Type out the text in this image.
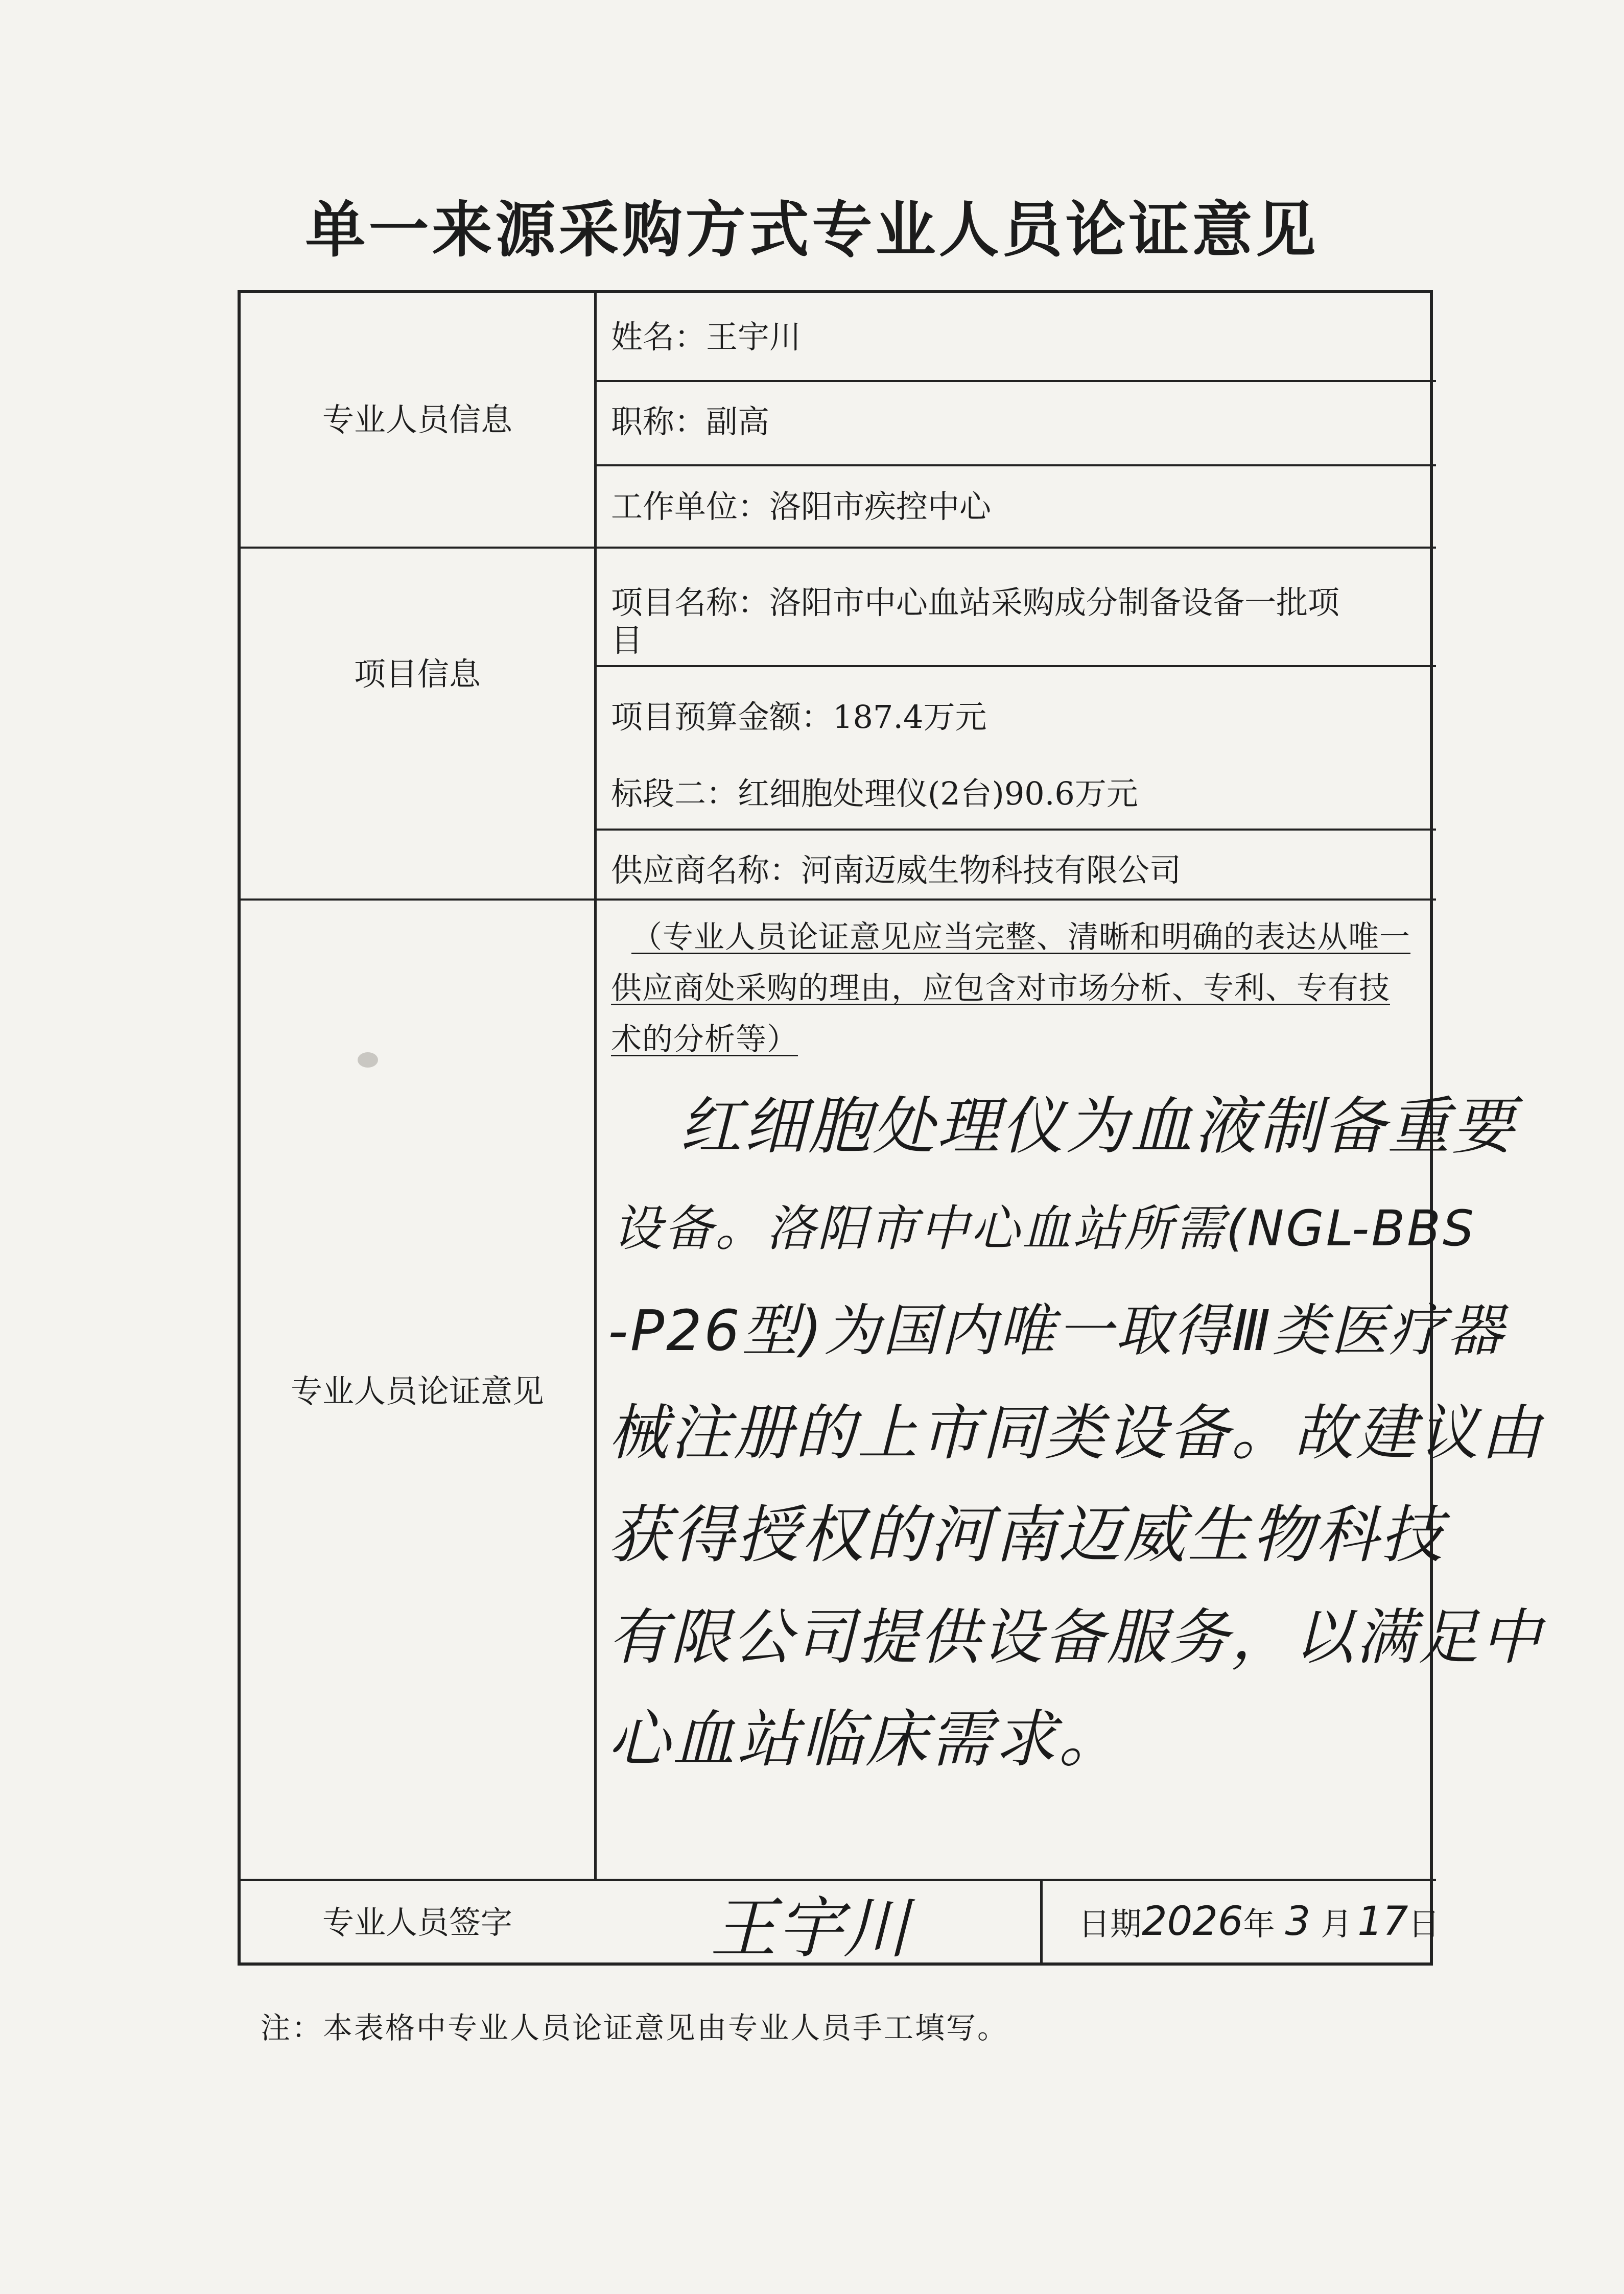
单一来源采购方式专业人员论证意见
专业人员信息
项目信息
专业人员论证意见
专业人员签字
姓名：王宇川
职称：副高
工作单位：洛阳市疾控中心
项目名称：洛阳市中心血站采购成分制备设备一批项
目
项目预算金额：187.4万元
标段二：红细胞处理仪(2台)90.6万元
供应商名称：河南迈威生物科技有限公司
（专业人员论证意见应当完整、清晰和明确的表达从唯一
供应商处采购的理由，应包含对市场分析、专利、专有技
术的分析等）
日期2026年 3 月 17日
红细胞处理仪为血液制备重要
设备。洛阳市中心血站所需(NGL-BBS
-P26型)为国内唯一取得Ⅲ类医疗器
械注册的上市同类设备。故建议由
获得授权的河南迈威生物科技
有限公司提供设备服务，以满足中
心血站临床需求。
王宇川
注：本表格中专业人员论证意见由专业人员手工填写。
